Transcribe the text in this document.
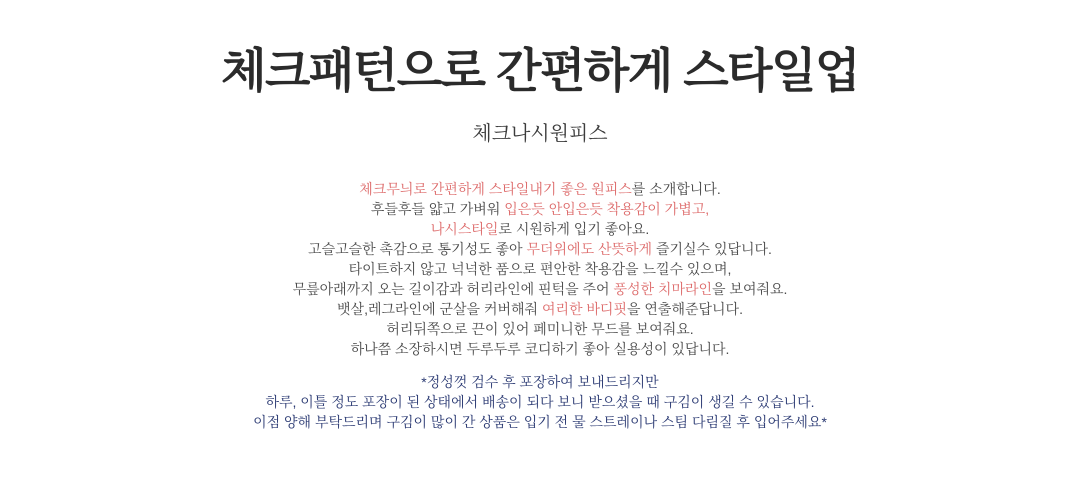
체크패턴으로 간편하게 스타일업
체크나시원피스

체크무늬로 간편하게 스타일내기 좋은 원피스를 소개합니다.

후들후들 얇고 가벼워 입은듯 안입은듯 착용감이 가볍고,

나시스타일로 시원하게 입기 좋아요.

고슬고슬한 촉감으로 통기성도 좋아 무더위에도 산뜻하게 즐기실수 있답니다.

타이트하지 않고 넉넉한 품으로 편안한 착용감을 느낄수 있으며,

무릎아래까지 오는 길이감과 허리라인에 핀턱을 주어 풍성한 치마라인을 보여줘요.

뱃살,레그라인에 군살을 커버해줘 여리한 바디핏을 연출해준답니다.

허리뒤쪽으로 끈이 있어 페미니한 무드를 보여줘요.

하나쯤 소장하시면 두루두루 코디하기 좋아 실용성이 있답니다.

*정성껏 검수 후 포장하여 보내드리지만

하루, 이틀 정도 포장이 된 상태에서 배송이 되다 보니 받으셨을 때 구김이 생길 수 있습니다.

이점 양해 부탁드리며 구김이 많이 간 상품은 입기 전 물 스트레이나 스팀 다림질 후 입어주세요*
